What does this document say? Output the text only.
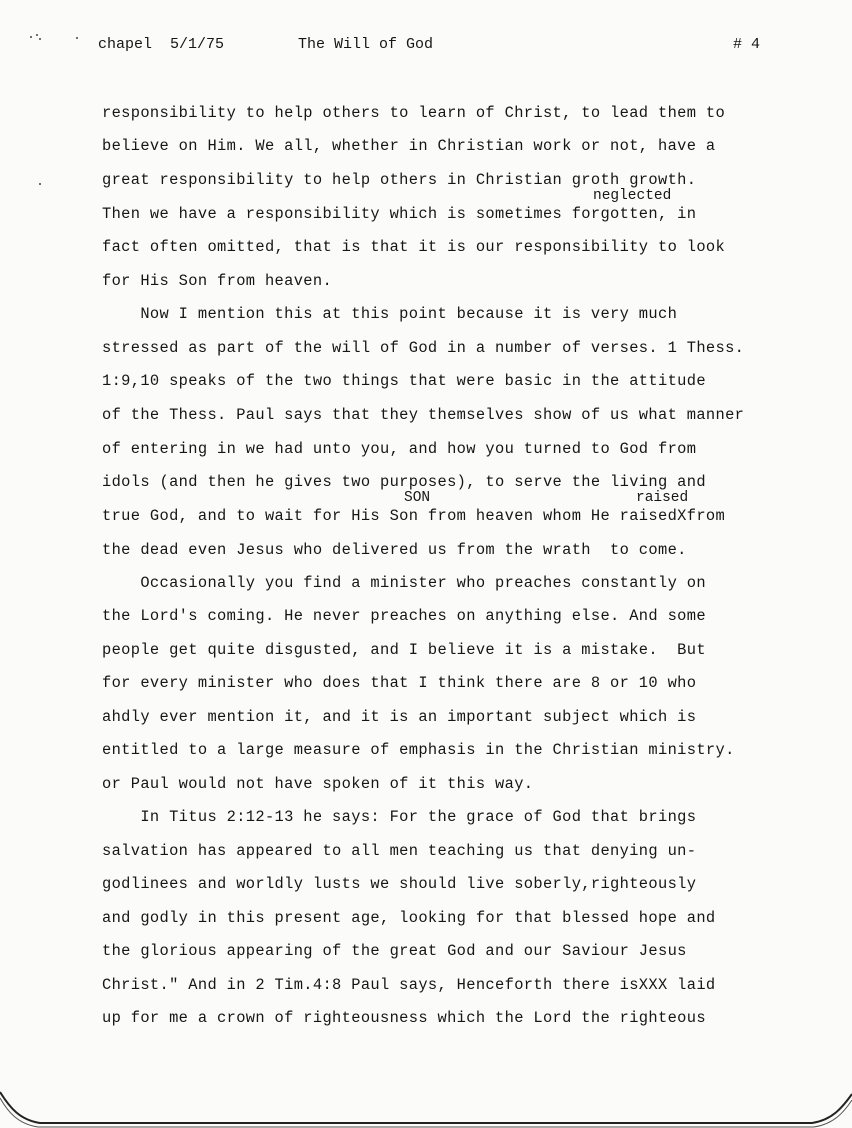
chapel  5/1/75	The Will of God	# 4
responsibility to help others to learn of Christ, to lead them to
believe on Him. We all, whether in Christian work or not, have a
great responsibility to help others in Christian groth growth.
neglected
Then we have a responsibility which is sometimes forgotten, in
fact often omitted, that is that it is our responsibility to look
for His Son from heaven.
Now I mention this at this point because it is very much
stressed as part of the will of God in a number of verses. 1 Thess.
1:9,10 speaks of the two things that were basic in the attitude
of the Thess. Paul says that they themselves show of us what manner
of entering in we had unto you, and how you turned to God from
idols (and then he gives two purposes), to serve the living and
SON	raised
true God, and to wait for His Son from heaven whom He raisedXfrom
the dead even Jesus who delivered us from the wrath  to come.
Occasionally you find a minister who preaches constantly on
the Lord's coming. He never preaches on anything else. And some
people get quite disgusted, and I believe it is a mistake.  But
for every minister who does that I think there are 8 or 10 who
ahdly ever mention it, and it is an important subject which is
entitled to a large measure of emphasis in the Christian ministry.
or Paul would not have spoken of it this way.
In Titus 2:12-13 he says: For the grace of God that brings
salvation has appeared to all men teaching us that denying un-
godlinees and worldly lusts we should live soberly,righteously
and godly in this present age, looking for that blessed hope and
the glorious appearing of the great God and our Saviour Jesus
Christ." And in 2 Tim.4:8 Paul says, Henceforth there isXXX laid
up for me a crown of righteousness which the Lord the righteous
